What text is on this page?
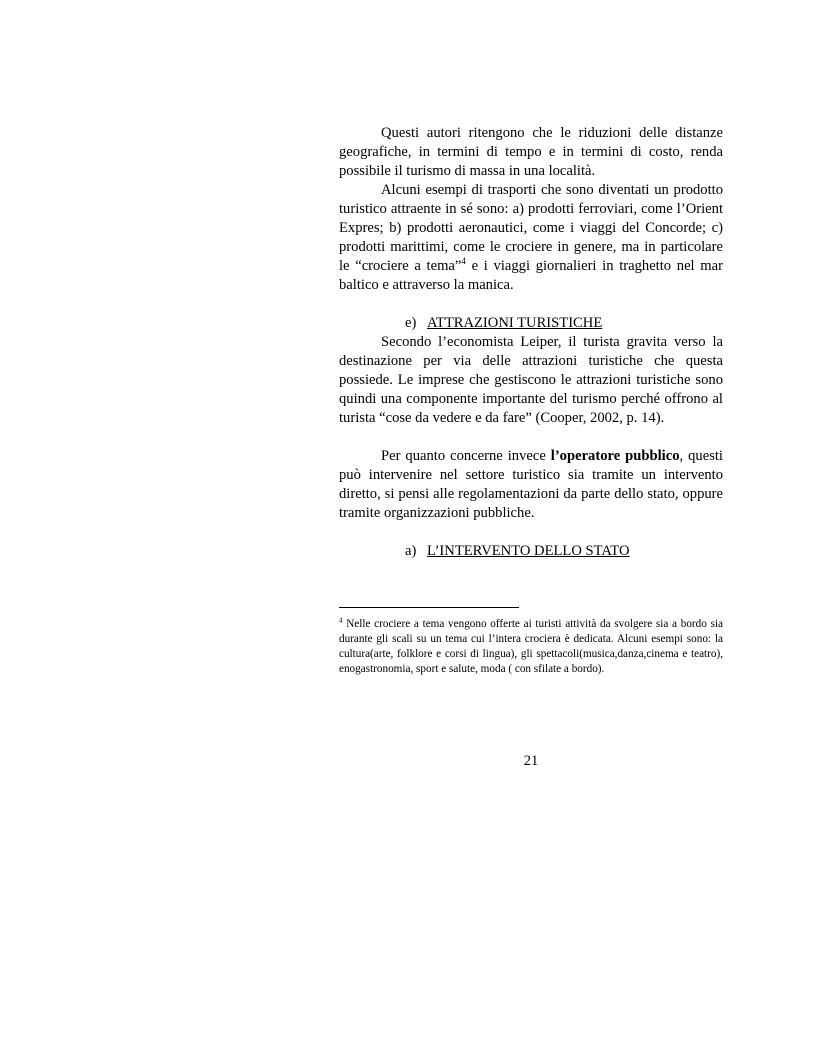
Questi autori ritengono che le riduzioni delle distanze geografiche, in termini di tempo e in termini di costo, renda possibile il turismo di massa in una località.

Alcuni esempi di trasporti che sono diventati un prodotto turistico attraente in sé sono: a) prodotti ferroviari, come l’Orient Expres; b) prodotti aeronautici, come i viaggi del Concorde; c) prodotti marittimi, come le crociere in genere, ma in particolare le “crociere a tema”$^4$ e i viaggi giornalieri in traghetto nel mar baltico e attraverso la manica.

e) ATTRAZIONI TURISTICHE

Secondo l’economista Leiper, il turista gravita verso la destinazione per via delle attrazioni turistiche che questa possiede. Le imprese che gestiscono le attrazioni turistiche sono quindi una componente importante del turismo perché offrono al turista “cose da vedere e da fare” (Cooper, 2002, p. 14).

Per quanto concerne invece l’operatore pubblico, questi può intervenire nel settore turistico sia tramite un intervento diretto, si pensi alle regolamentazioni da parte dello stato, oppure tramite organizzazioni pubbliche.

a) L’INTERVENTO DELLO STATO

$^4$ Nelle crociere a tema vengono offerte ai turisti attività da svolgere sia a bordo sia durante gli scali su un tema cui l’intera crociera è dedicata. Alcuni esempi sono: la cultura(arte, folklore e corsi di lingua), gli spettacoli(musica,danza,cinema e teatro), enogastronomia, sport e salute, moda ( con sfilate a bordo).

21
